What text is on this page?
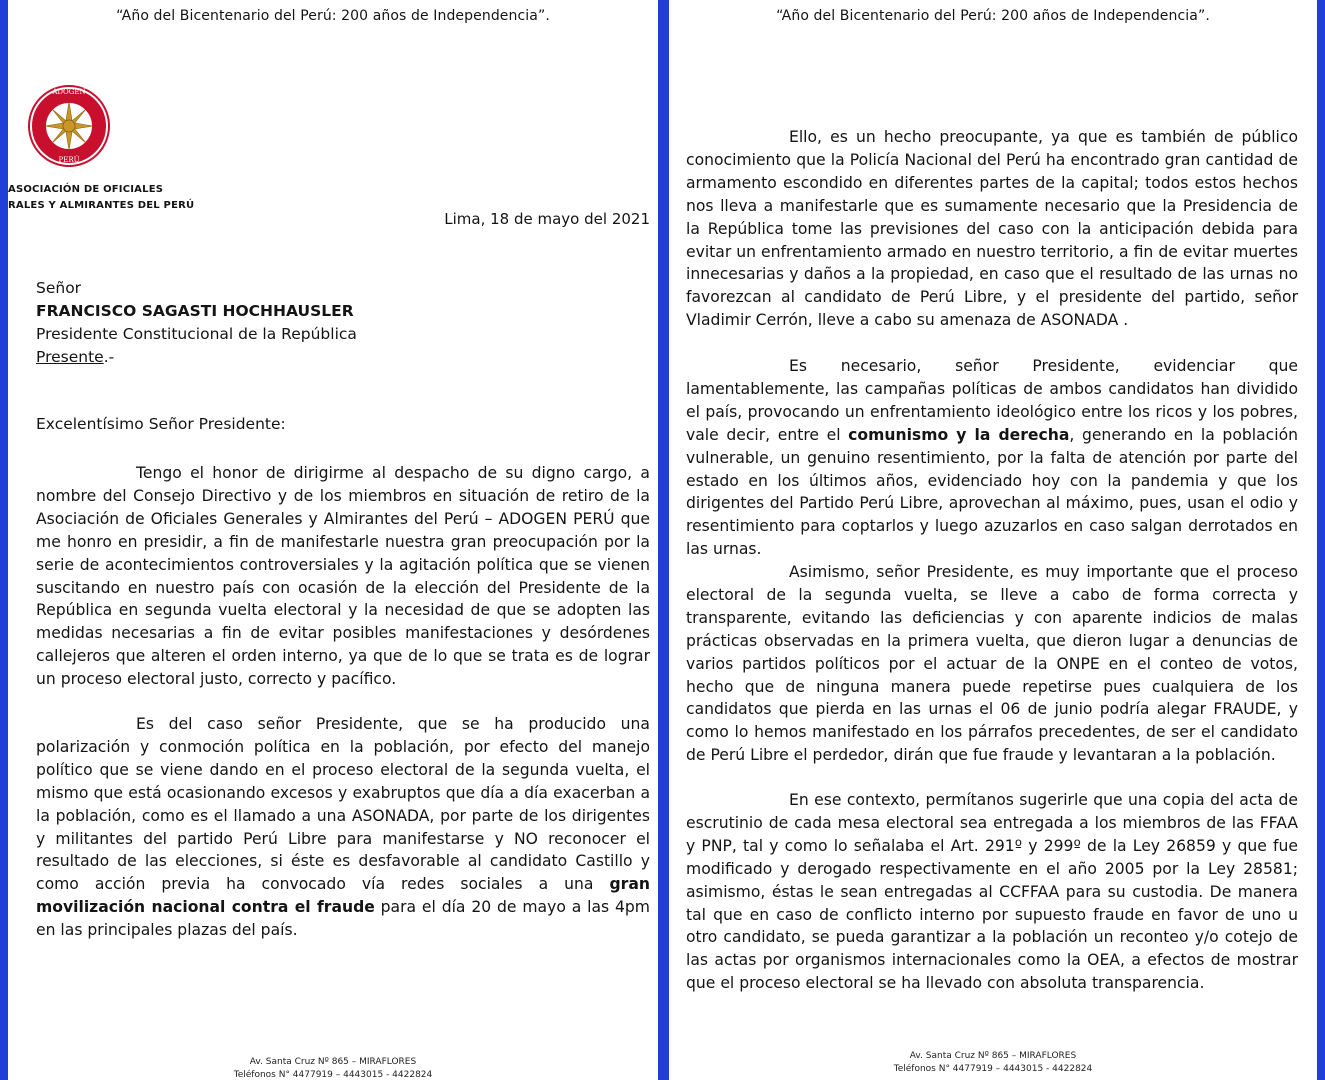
“Año del Bicentenario del Perú: 200 años de Independencia”.
ADOGEN
PERÚ
ASOCIACIÓN DE OFICIALES
RALES Y ALMIRANTES DEL PERÚ
Lima, 18 de mayo del 2021
Señor
FRANCISCO SAGASTI HOCHHAUSLER
Presidente Constitucional de la República
Presente.-
Excelentísimo Señor Presidente:

Tengo el honor de dirigirme al despacho de su digno cargo, a nombre del Consejo Directivo y de los miembros en situación de retiro de la Asociación de Oficiales Generales y Almirantes del Perú – ADOGEN PERÚ que me honro en presidir, a fin de manifestarle nuestra gran preocupación por la serie de acontecimientos controversiales y la agitación política que se vienen suscitando en nuestro país con ocasión de la elección del Presidente de la República en segunda vuelta electoral y la necesidad de que se adopten las medidas necesarias a fin de evitar posibles manifestaciones y desórdenes callejeros que alteren el orden interno, ya que de lo que se trata es de lograr un proceso electoral justo, correcto y pacífico.

Es del caso señor Presidente, que se ha producido una polarización y conmoción política en la población, por efecto del manejo político que se viene dando en el proceso electoral de la segunda vuelta, el mismo que está ocasionando excesos y exabruptos que día a día exacerban a la población, como es el llamado a una ASONADA, por parte de los dirigentes y militantes del partido Perú Libre para manifestarse y NO reconocer el resultado de las elecciones, si éste es desfavorable al candidato Castillo y como acción previa ha convocado vía redes sociales a una gran movilización nacional contra el fraude para el día 20 de mayo a las 4pm en las principales plazas del país.

Av. Santa Cruz Nº 865 – MIRAFLORES
Teléfonos N° 4477919 – 4443015 - 4422824
“Año del Bicentenario del Perú: 200 años de Independencia”.

Ello, es un hecho preocupante, ya que es también de público conocimiento que la Policía Nacional del Perú ha encontrado gran cantidad de armamento escondido en diferentes partes de la capital; todos estos hechos nos lleva a manifestarle que es sumamente necesario que la Presidencia de la República tome las previsiones del caso con la anticipación debida para evitar un enfrentamiento armado en nuestro territorio, a fin de evitar muertes innecesarias y daños a la propiedad, en caso que el resultado de las urnas no favorezcan al candidato de Perú Libre, y el presidente del partido, señor Vladimir Cerrón, lleve a cabo su amenaza de ASONADA .

Es necesario, señor Presidente, evidenciar que lamentablemente, las campañas políticas de ambos candidatos han dividido el país, provocando un enfrentamiento ideológico entre los ricos y los pobres, vale decir, entre el comunismo y la derecha, generando en la población vulnerable, un genuino resentimiento, por la falta de atención por parte del estado en los últimos años, evidenciado hoy con la pandemia y que los dirigentes del Partido Perú Libre, aprovechan al máximo, pues, usan el odio y resentimiento para coptarlos y luego azuzarlos en caso salgan derrotados en las urnas.

Asimismo, señor Presidente, es muy importante que el proceso electoral de la segunda vuelta, se lleve a cabo de forma correcta y transparente, evitando las deficiencias y con aparente indicios de malas prácticas observadas en la primera vuelta, que dieron lugar a denuncias de varios partidos políticos por el actuar de la ONPE en el conteo de votos, hecho que de ninguna manera puede repetirse pues cualquiera de los candidatos que pierda en las urnas el 06 de junio podría alegar FRAUDE, y como lo hemos manifestado en los párrafos precedentes, de ser el candidato de Perú Libre el perdedor, dirán que fue fraude y levantaran a la población.

En ese contexto, permítanos sugerirle que una copia del acta de escrutinio de cada mesa electoral sea entregada a los miembros de las FFAA y PNP, tal y como lo señalaba el Art. 291º y 299º de la Ley 26859 y que fue modificado y derogado respectivamente en el año 2005 por la Ley 28581; asimismo, éstas le sean entregadas al CCFFAA para su custodia. De manera tal que en caso de conflicto interno por supuesto fraude en favor de uno u otro candidato, se pueda garantizar a la población un reconteo y/o cotejo de las actas por organismos internacionales como la OEA, a efectos de mostrar que el proceso electoral se ha llevado con absoluta transparencia.

Av. Santa Cruz Nº 865 – MIRAFLORES
Teléfonos N° 4477919 – 4443015 - 4422824
